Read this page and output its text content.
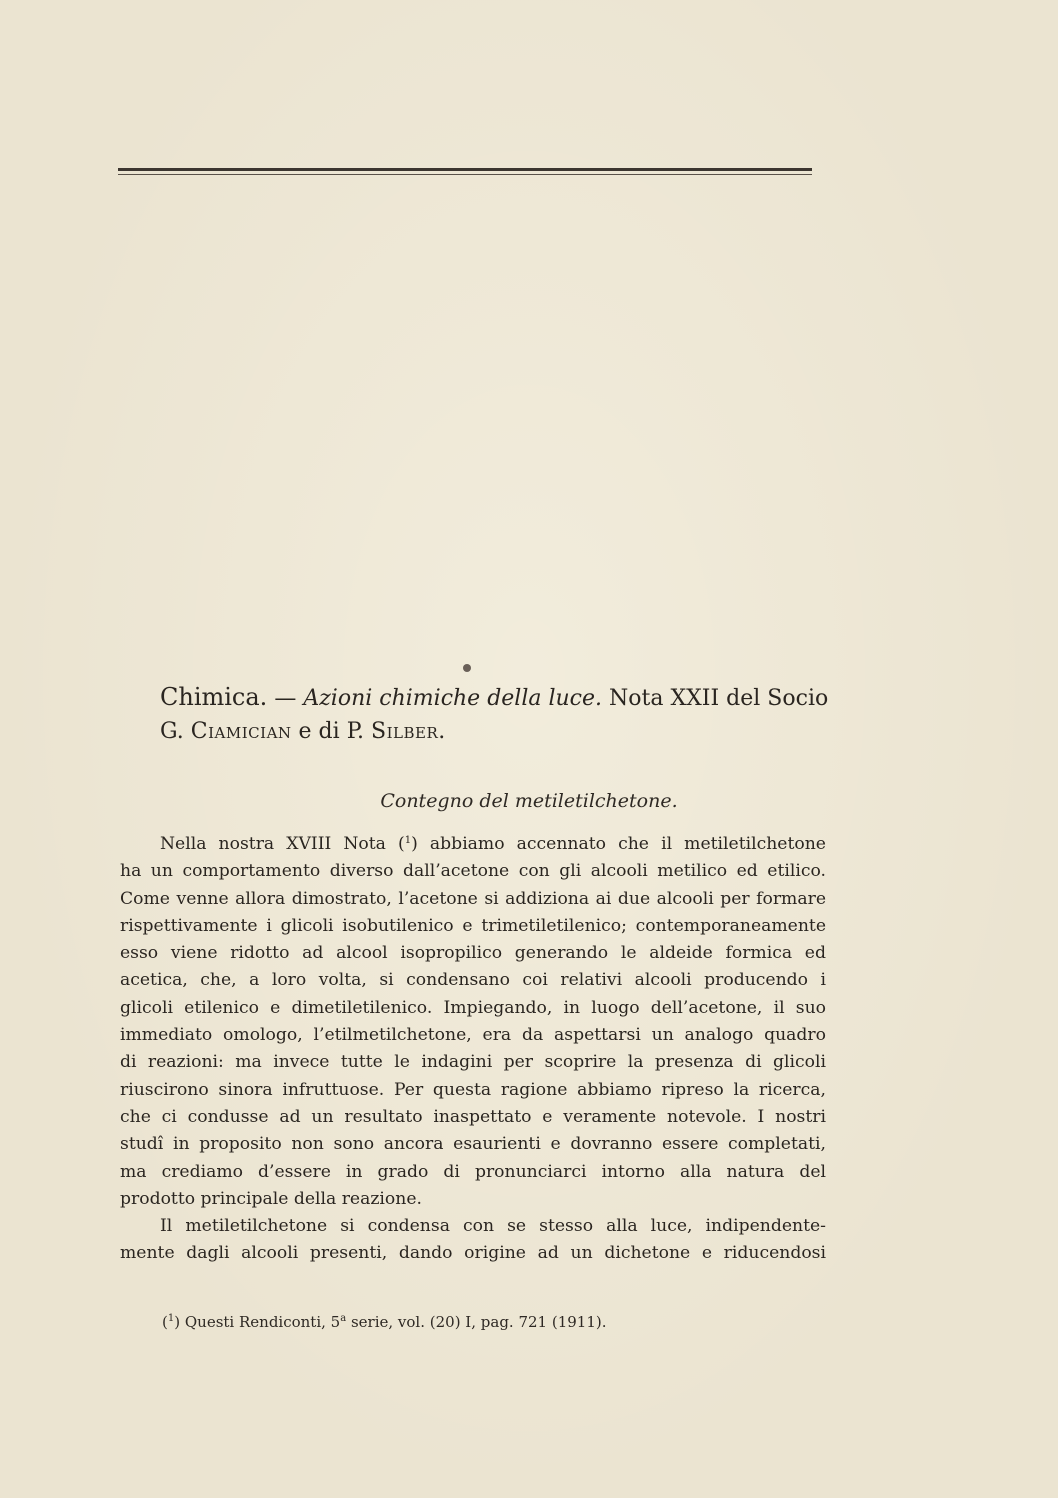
Chimica. — Azioni chimiche della luce. Nota XXII del Socio
G. Ciamician e di P. Silber.
Contegno del metiletilchetone.
Nella nostra XVIII Nota ($^1$) abbiamo accennato che il metiletilchetone
ha un comportamento diverso dall’acetone con gli alcooli metilico ed etilico.
Come venne allora dimostrato, l’acetone si addiziona ai due alcooli per formare
rispettivamente i glicoli isobutilenico e trimetiletilenico; contemporaneamente
esso viene ridotto ad alcool isopropilico generando le aldeide formica ed
acetica, che, a loro volta, si condensano coi relativi alcooli producendo i
glicoli etilenico e dimetiletilenico. Impiegando, in luogo dell’acetone, il suo
immediato omologo, l’etilmetilchetone, era da aspettarsi un analogo quadro
di reazioni: ma invece tutte le indagini per scoprire la presenza di glicoli
riuscirono sinora infruttuose. Per questa ragione abbiamo ripreso la ricerca,
che ci condusse ad un resultato inaspettato e veramente notevole. I nostri
studî in proposito non sono ancora esaurienti e dovranno essere completati,
ma crediamo d’essere in grado di pronunciarci intorno alla natura del
prodotto principale della reazione.
Il metiletilchetone si condensa con se stesso alla luce, indipendente-
mente dagli alcooli presenti, dando origine ad un dichetone e riducendosi
($^1$) Questi Rendiconti, 5$^a$ serie, vol. (20) I, pag. 721 (1911).
